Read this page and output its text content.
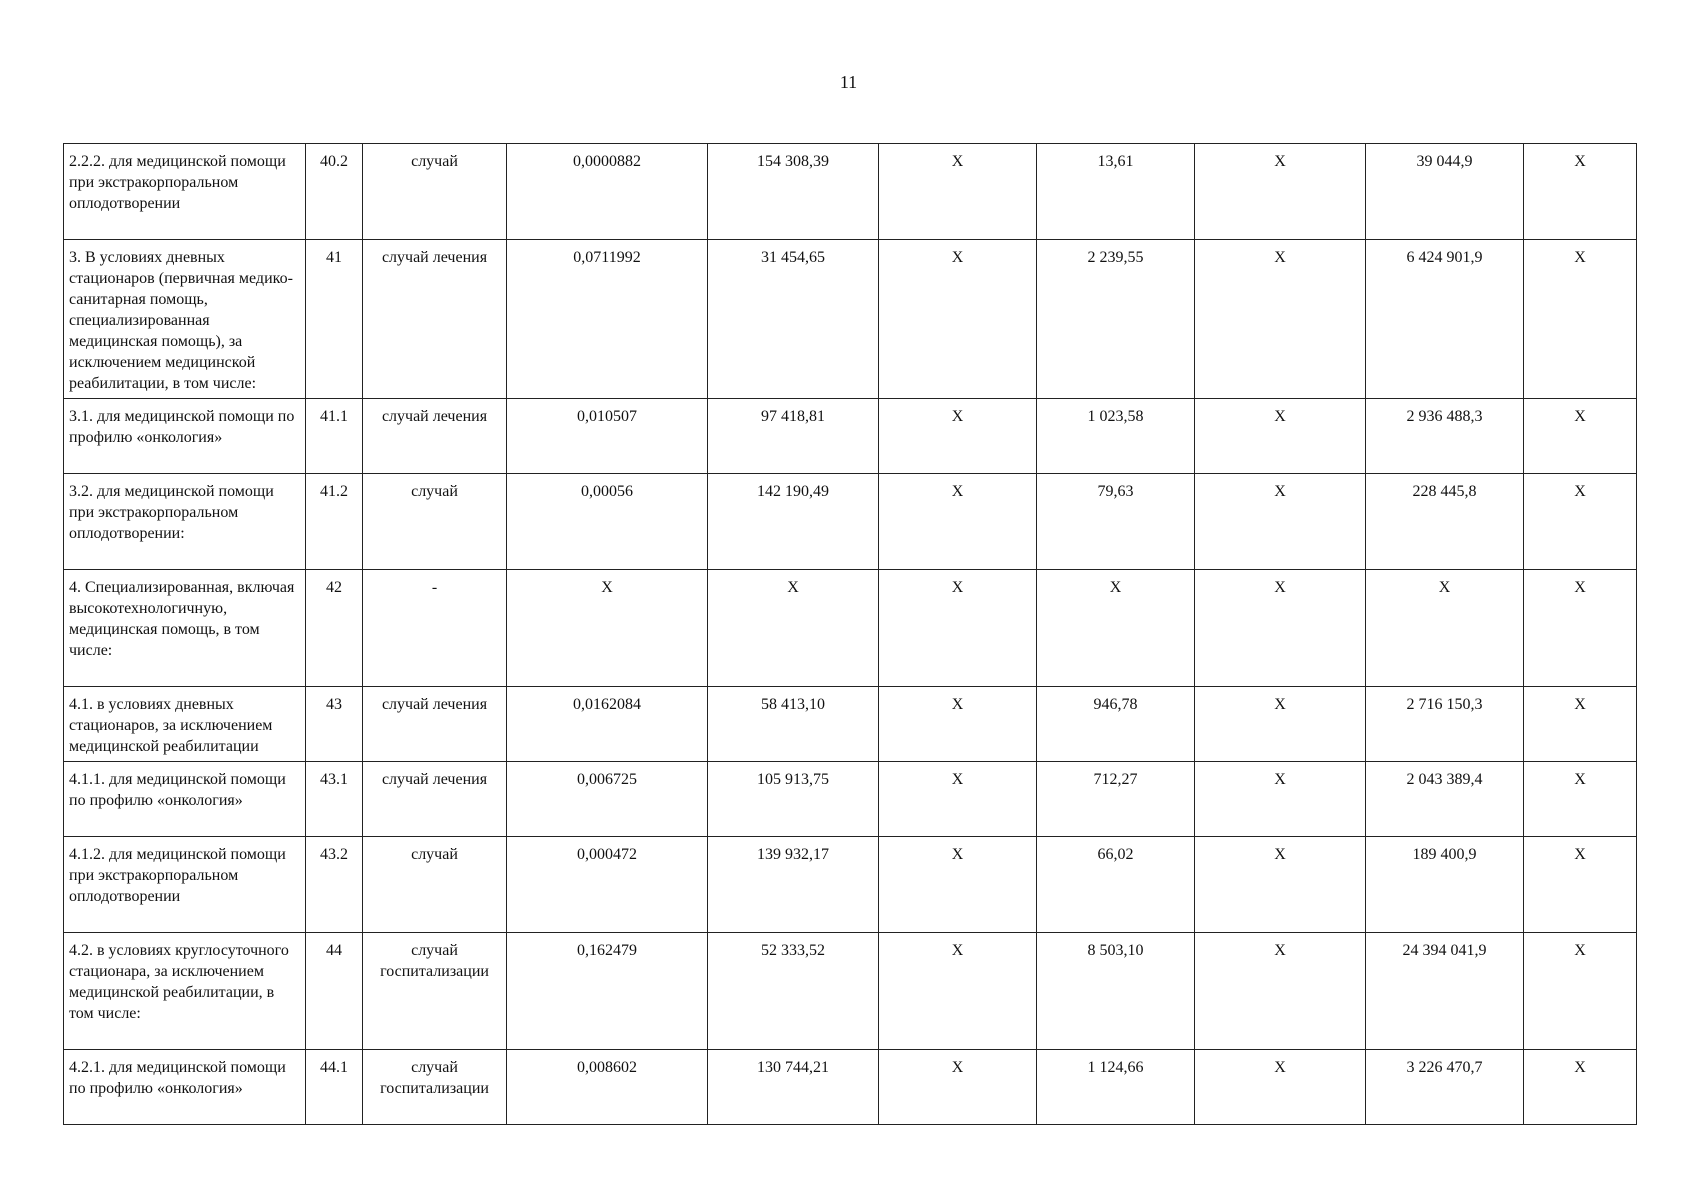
11
2.2.2. для медицинской помощи при экстракорпоральном оплодотворении	40.2	случай	0,0000882	154 308,39	Х	13,61	Х	39 044,9	Х
3. В условиях дневных стационаров (первичная медико-санитарная помощь, специализированная медицинская помощь), за исключением медицинской реабилитации, в том числе:	41	случай лечения	0,0711992	31 454,65	Х	2 239,55	Х	6 424 901,9	Х
3.1. для медицинской помощи по профилю «онкология»	41.1	случай лечения	0,010507	97 418,81	Х	1 023,58	Х	2 936 488,3	Х
3.2. для медицинской помощи при экстракорпоральном оплодотворении:	41.2	случай	0,00056	142 190,49	Х	79,63	Х	228 445,8	Х
4. Специализированная, включая высокотехнологичную, медицинская помощь, в том числе:	42	-	Х	Х	Х	Х	Х	Х	Х
4.1. в условиях дневных стационаров, за исключением медицинской реабилитации	43	случай лечения	0,0162084	58 413,10	Х	946,78	Х	2 716 150,3	Х
4.1.1. для медицинской помощи по профилю «онкология»	43.1	случай лечения	0,006725	105 913,75	Х	712,27	Х	2 043 389,4	Х
4.1.2. для медицинской помощи при экстракорпоральном оплодотворении	43.2	случай	0,000472	139 932,17	Х	66,02	Х	189 400,9	Х
4.2. в условиях круглосуточного стационара, за исключением медицинской реабилитации, в том числе:	44	случай госпитализации	0,162479	52 333,52	Х	8 503,10	Х	24 394 041,9	Х
4.2.1. для медицинской помощи по профилю «онкология»	44.1	случай госпитализации	0,008602	130 744,21	Х	1 124,66	Х	3 226 470,7	Х
